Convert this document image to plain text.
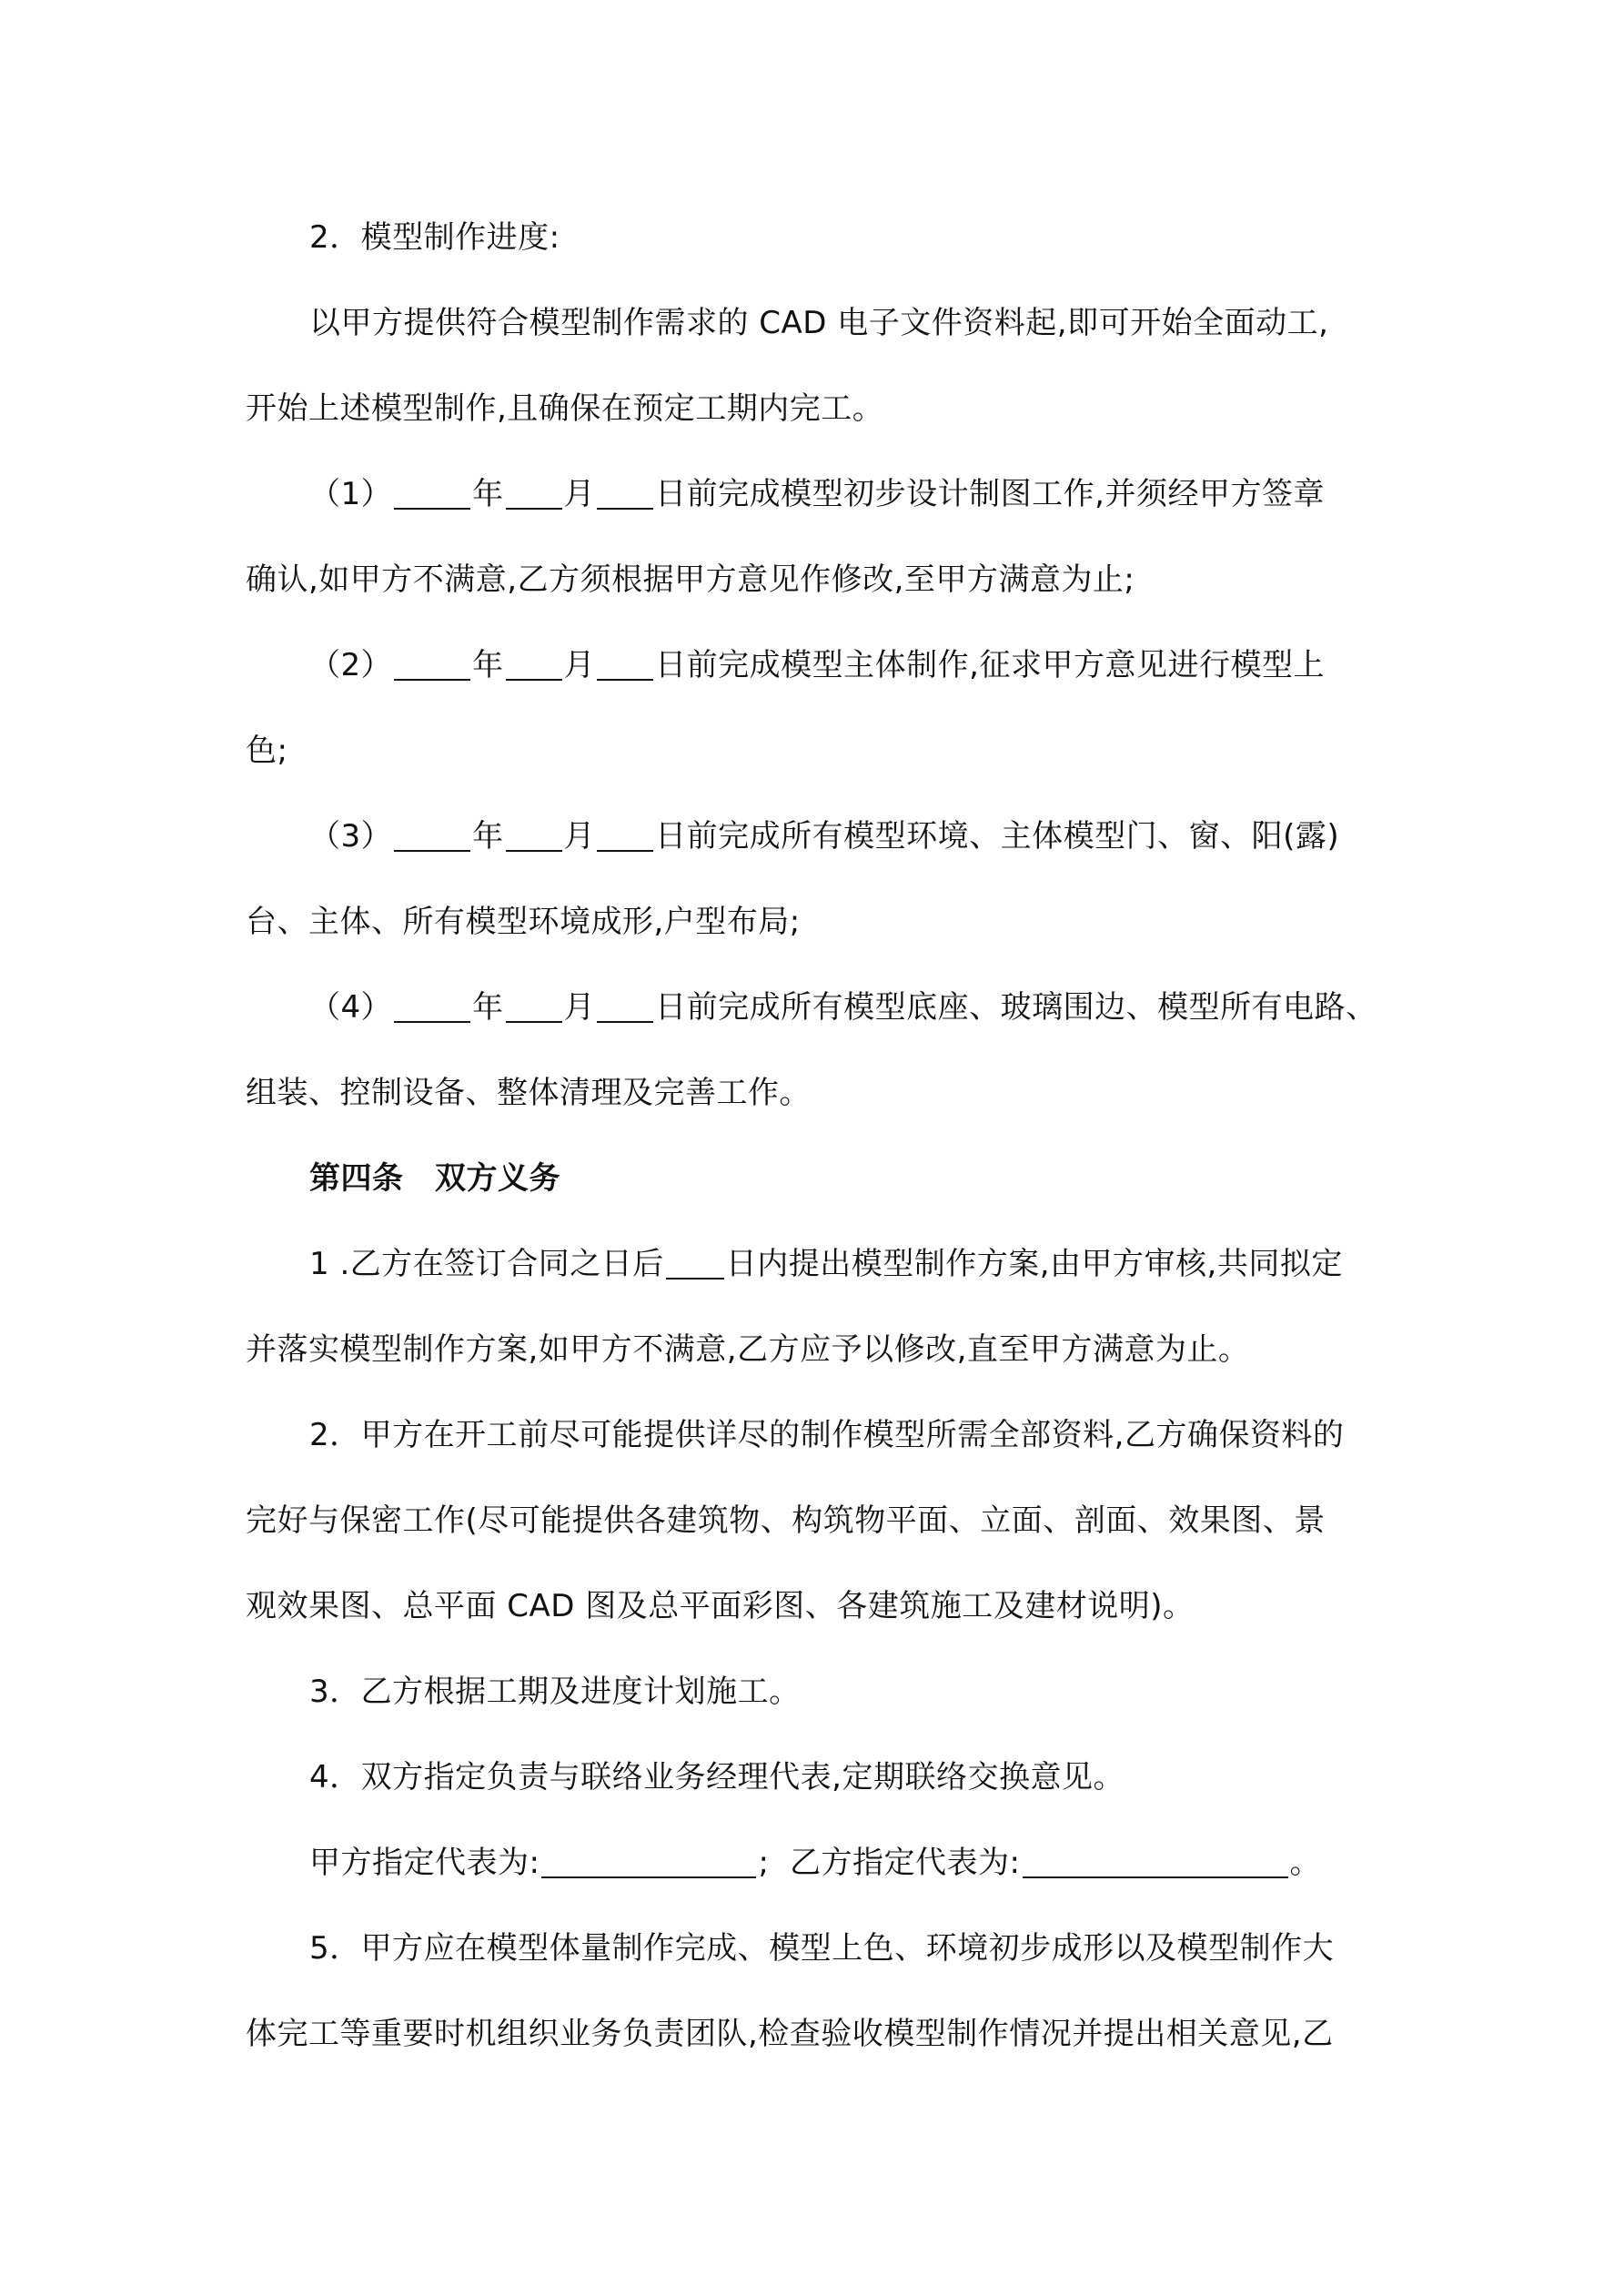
2．模型制作进度:
以甲方提供符合模型制作需求的 CAD 电子文件资料起,即可开始全面动工,
开始上述模型制作,且确保在预定工期内完工。
（1）	年 月 日前完成模型初步设计制图工作,并须经甲方签章
确认,如甲方不满意,乙方须根据甲方意见作修改,至甲方满意为止;
（2）	年 月 日前完成模型主体制作,征求甲方意见进行模型上
色;
（3）	年 月 日前完成所有模型环境、主体模型门、窗、阳(露)
台、主体、所有模型环境成形,户型布局;
（4）	年 月 日前完成所有模型底座、玻璃围边、模型所有电路、
组装、控制设备、整体清理及完善工作。
第四条　双方义务
1 .乙方在签订合同之日后 日内提出模型制作方案,由甲方审核,共同拟定
并落实模型制作方案,如甲方不满意,乙方应予以修改,直至甲方满意为止。
2．甲方在开工前尽可能提供详尽的制作模型所需全部资料,乙方确保资料的
完好与保密工作(尽可能提供各建筑物、构筑物平面、立面、剖面、效果图、景
观效果图、总平面 CAD 图及总平面彩图、各建筑施工及建材说明)。
3．乙方根据工期及进度计划施工。
4．双方指定负责与联络业务经理代表,定期联络交换意见。
甲方指定代表为:	; 乙方指定代表为:	。
5．甲方应在模型体量制作完成、模型上色、环境初步成形以及模型制作大
体完工等重要时机组织业务负责团队,检查验收模型制作情况并提出相关意见,乙
